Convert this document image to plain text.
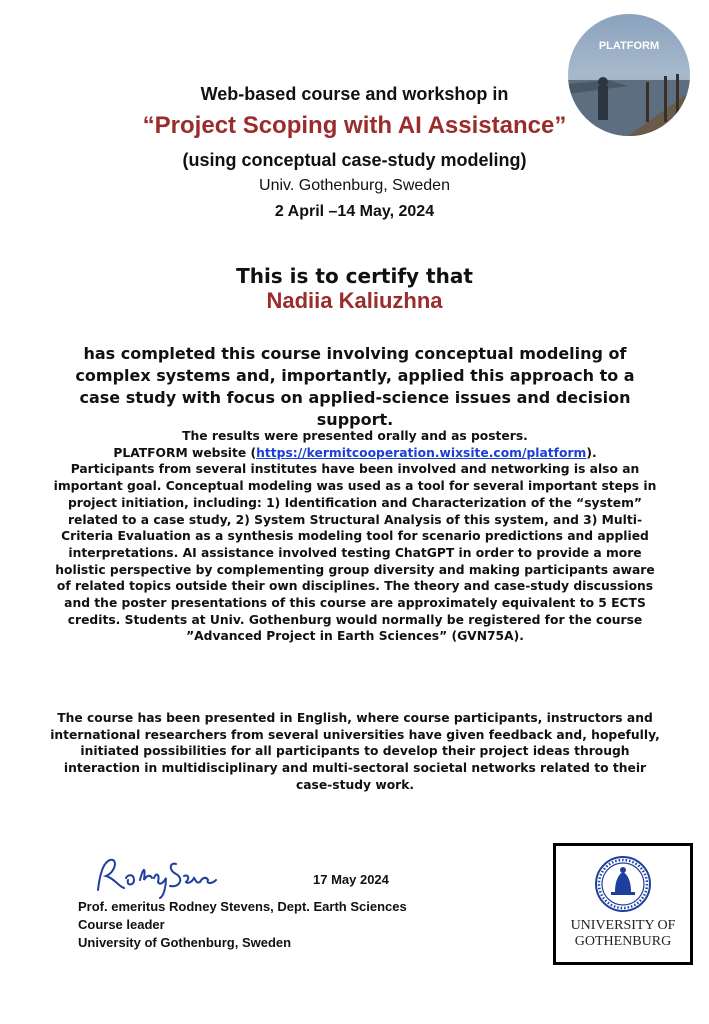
PLATFORM
Web-based course and workshop in
“Project Scoping with AI Assistance”
(using conceptual case-study modeling)
Univ. Gothenburg, Sweden
2 April –14 May, 2024
This is to certify that
Nadiia Kaliuzhna
has completed this course involving conceptual modeling of complex systems and, importantly, applied this approach to a case study with focus on applied-science issues and decision support.

The results were presented orally and as posters.

PLATFORM website (https://kermitcooperation.wixsite.com/platform).

Participants from several institutes have been involved and networking is also an important goal. Conceptual modeling was used as a tool for several important steps in project initiation, including: 1) Identification and Characterization of the “system” related to a case study, 2) System Structural Analysis of this system, and 3) Multi-Criteria Evaluation as a synthesis modeling tool for scenario predictions and applied interpretations. AI assistance involved testing ChatGPT in order to provide a more holistic perspective by complementing group diversity and making participants aware of related topics outside their own disciplines. The theory and case-study discussions and the poster presentations of this course are approximately equivalent to 5 ECTS credits. Students at Univ. Gothenburg would normally be registered for the course ”Advanced Project in Earth Sciences” (GVN75A).

The course has been presented in English, where course participants, instructors and international researchers from several universities have given feedback and, hopefully, initiated possibilities for all participants to develop their project ideas through interaction in multidisciplinary and multi-sectoral societal networks related to their case-study work.
17 May 2024
Prof. emeritus Rodney Stevens, Dept. Earth Sciences
Course leader
University of Gothenburg, Sweden
UNIVERSITY OF
GOTHENBURG
